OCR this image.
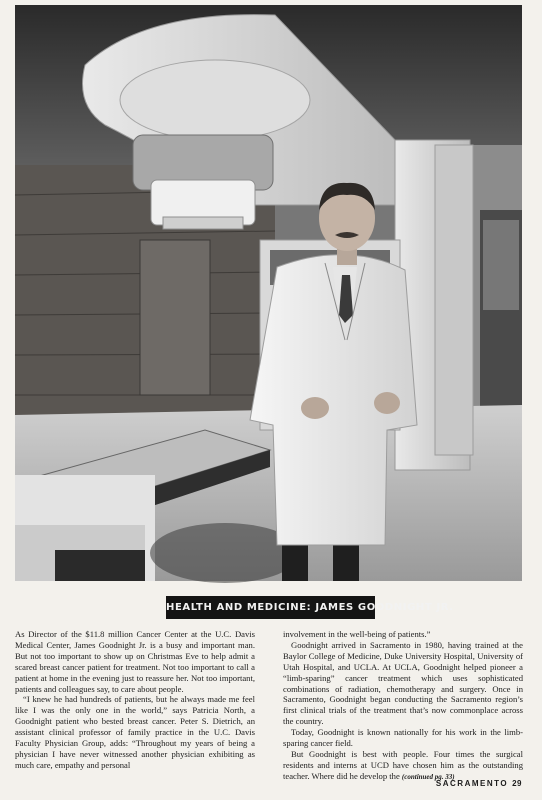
HEALTH AND MEDICINE: JAMES GOODNIGHT JR.

As Director of the $11.8 million Cancer Center at the U.C. Davis Medical Center, James Goodnight Jr. is a busy and important man. But not too important to show up on Christmas Eve to help admit a scared breast cancer patient for treatment. Not too important to call a patient at home in the evening just to reassure her. Not too important, patients and colleagues say, to care about people.

“I knew he had hundreds of patients, but he always made me feel like I was the only one in the world,” says Patricia North, a Goodnight patient who bested breast cancer. Peter S. Dietrich, an assistant clinical professor of family practice in the U.C. Davis Faculty Physician Group, adds: “Throughout my years of being a physician I have never witnessed another physician exhibiting as much care, empathy and personal

involvement in the well-being of patients.”

Goodnight arrived in Sacramento in 1980, having trained at the Baylor College of Medicine, Duke University Hospital, University of Utah Hospital, and UCLA. At UCLA, Goodnight helped pioneer a “limb-sparing” cancer treatment which uses sophisticated combinations of radiation, chemotherapy and surgery. Once in Sacramento, Goodnight began conducting the Sacramento region’s first clinical trials of the treatment that’s now commonplace across the country.

Today, Goodnight is known nationally for his work in the limb-sparing cancer field.

But Goodnight is best with people. Four times the surgical residents and interns at UCD have chosen him as the outstanding teacher. Where did he develop the (continued pg. 33)

SACRAMENTO 29
